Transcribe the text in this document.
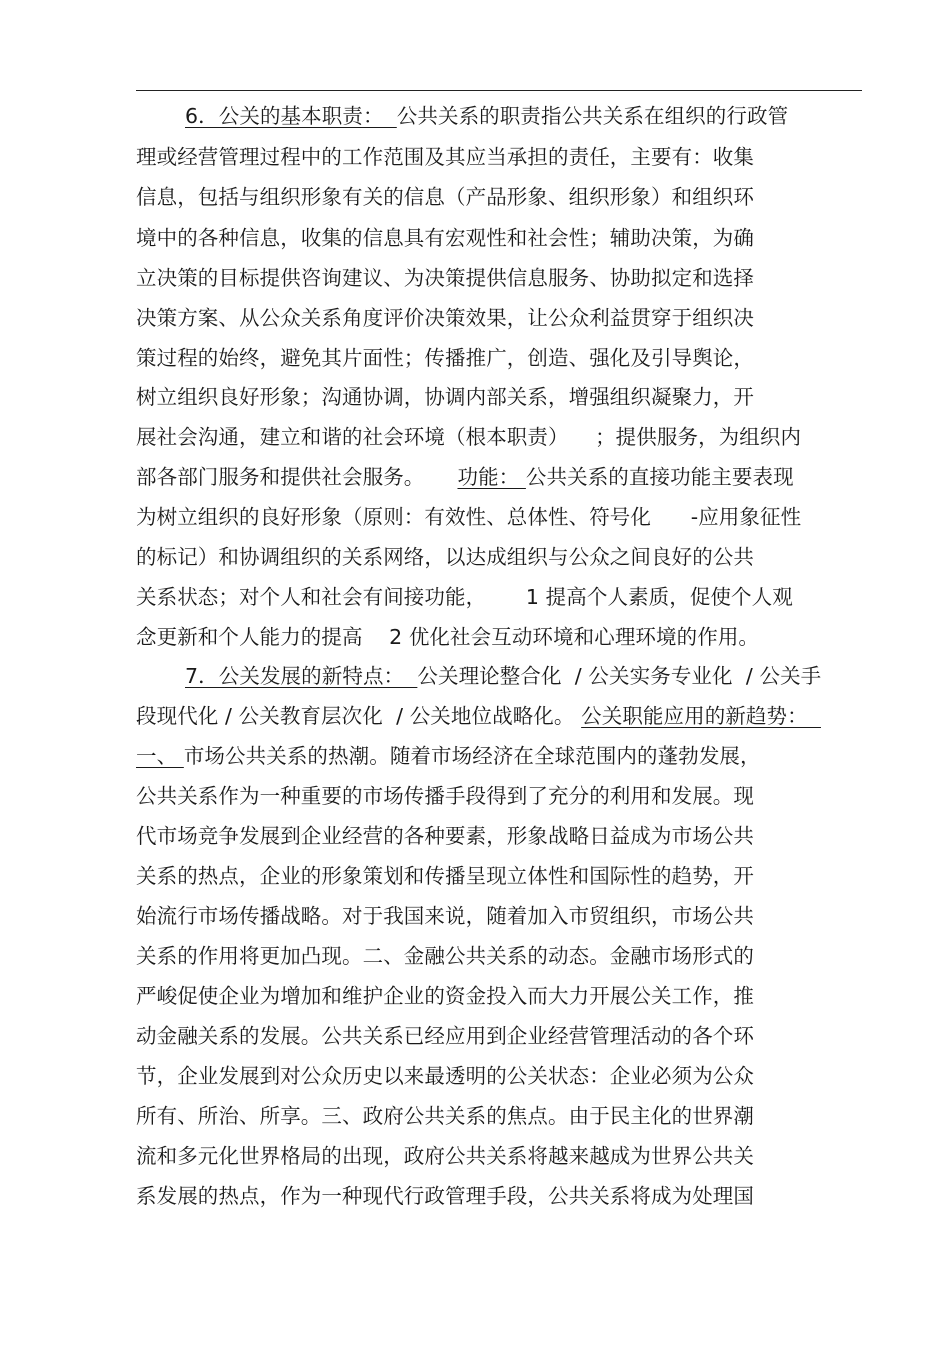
6．公关的基本职责：  公共关系的职责指公共关系在组织的行政管
理或经营管理过程中的工作范围及其应当承担的责任，主要有：收集
信息，包括与组织形象有关的信息（产品形象、组织形象）和组织环
境中的各种信息，收集的信息具有宏观性和社会性；辅助决策，为确
立决策的目标提供咨询建议、为决策提供信息服务、协助拟定和选择
决策方案、从公众关系角度评价决策效果，让公众利益贯穿于组织决
策过程的始终，避免其片面性；传播推广，创造、强化及引导舆论，
树立组织良好形象；沟通协调，协调内部关系，增强组织凝聚力，开
展社会沟通，建立和谐的社会环境（根本职责）    ；提供服务，为组织内
部各部门服务和提供社会服务。     功能： 公共关系的直接功能主要表现
为树立组织的良好形象（原则：有效性、总体性、符号化      -应用象征性
的标记）和协调组织的关系网络，以达成组织与公众之间良好的公共
关系状态；对个人和社会有间接功能，      1 提高个人素质，促使个人观
念更新和个人能力的提高    2 优化社会互动环境和心理环境的作用。
7．公关发展的新特点：  公关理论整合化  / 公关实务专业化  / 公关手
段现代化 / 公关教育层次化  / 公关地位战略化。 公关职能应用的新趋势：
一、 市场公共关系的热潮。随着市场经济在全球范围内的蓬勃发展，
公共关系作为一种重要的市场传播手段得到了充分的利用和发展。现
代市场竞争发展到企业经营的各种要素，形象战略日益成为市场公共
关系的热点，企业的形象策划和传播呈现立体性和国际性的趋势，开
始流行市场传播战略。对于我国来说，随着加入市贸组织，市场公共
关系的作用将更加凸现。二、金融公共关系的动态。金融市场形式的
严峻促使企业为增加和维护企业的资金投入而大力开展公关工作，推
动金融关系的发展。公共关系已经应用到企业经营管理活动的各个环
节，企业发展到对公众历史以来最透明的公关状态：企业必须为公众
所有、所治、所享。三、政府公共关系的焦点。由于民主化的世界潮
流和多元化世界格局的出现，政府公共关系将越来越成为世界公共关
系发展的热点，作为一种现代行政管理手段，公共关系将成为处理国
